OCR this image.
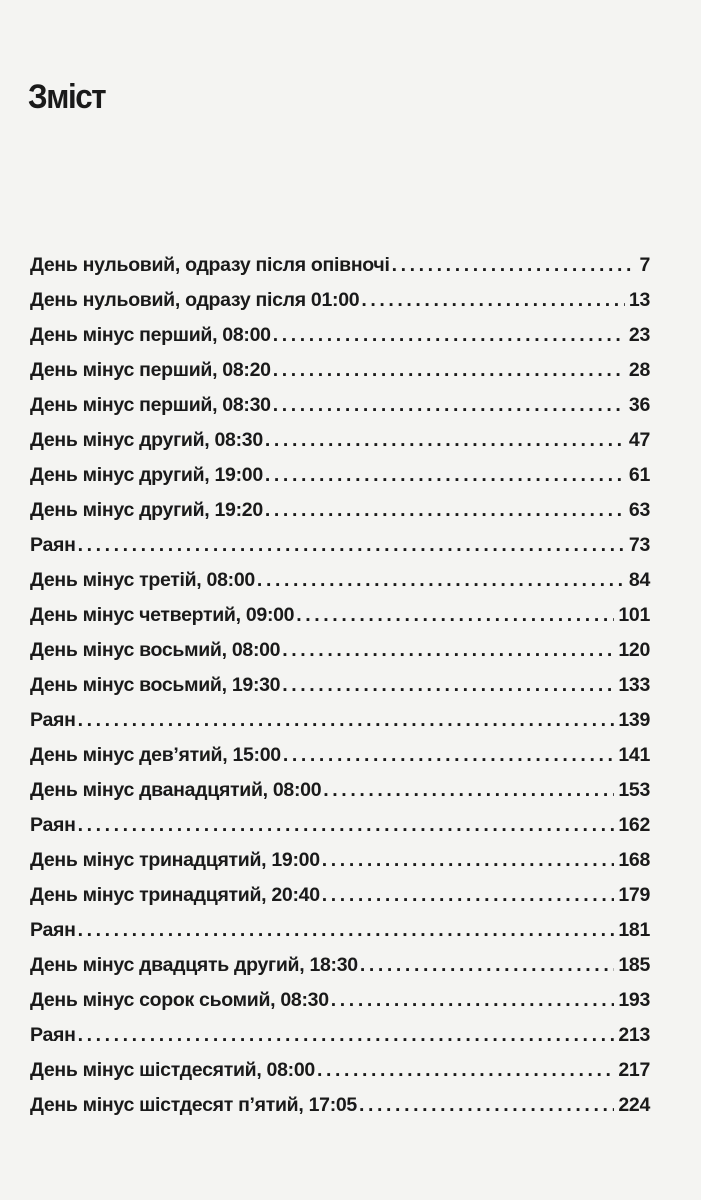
Зміст
День нульовий, одразу після опівночі .....	7
День нульовий, одразу після 01:00 .....	13
День мінус перший, 08:00 .....	23
День мінус перший, 08:20 .....	28
День мінус перший, 08:30 .....	36
День мінус другий, 08:30 .....	47
День мінус другий, 19:00 .....	61
День мінус другий, 19:20 .....	63
Раян .....	73
День мінус третій, 08:00 .....	84
День мінус четвертий, 09:00 .....	101
День мінус восьмий, 08:00 .....	120
День мінус восьмий, 19:30 .....	133
Раян .....	139
День мінус дев’ятий, 15:00 .....	141
День мінус дванадцятий, 08:00 .....	153
Раян .....	162
День мінус тринадцятий, 19:00 .....	168
День мінус тринадцятий, 20:40 .....	179
Раян .....	181
День мінус двадцять другий, 18:30 .....	185
День мінус сорок сьомий, 08:30 .....	193
Раян .....	213
День мінус шістдесятий, 08:00 .....	217
День мінус шістдесят п’ятий, 17:05 .....	224
